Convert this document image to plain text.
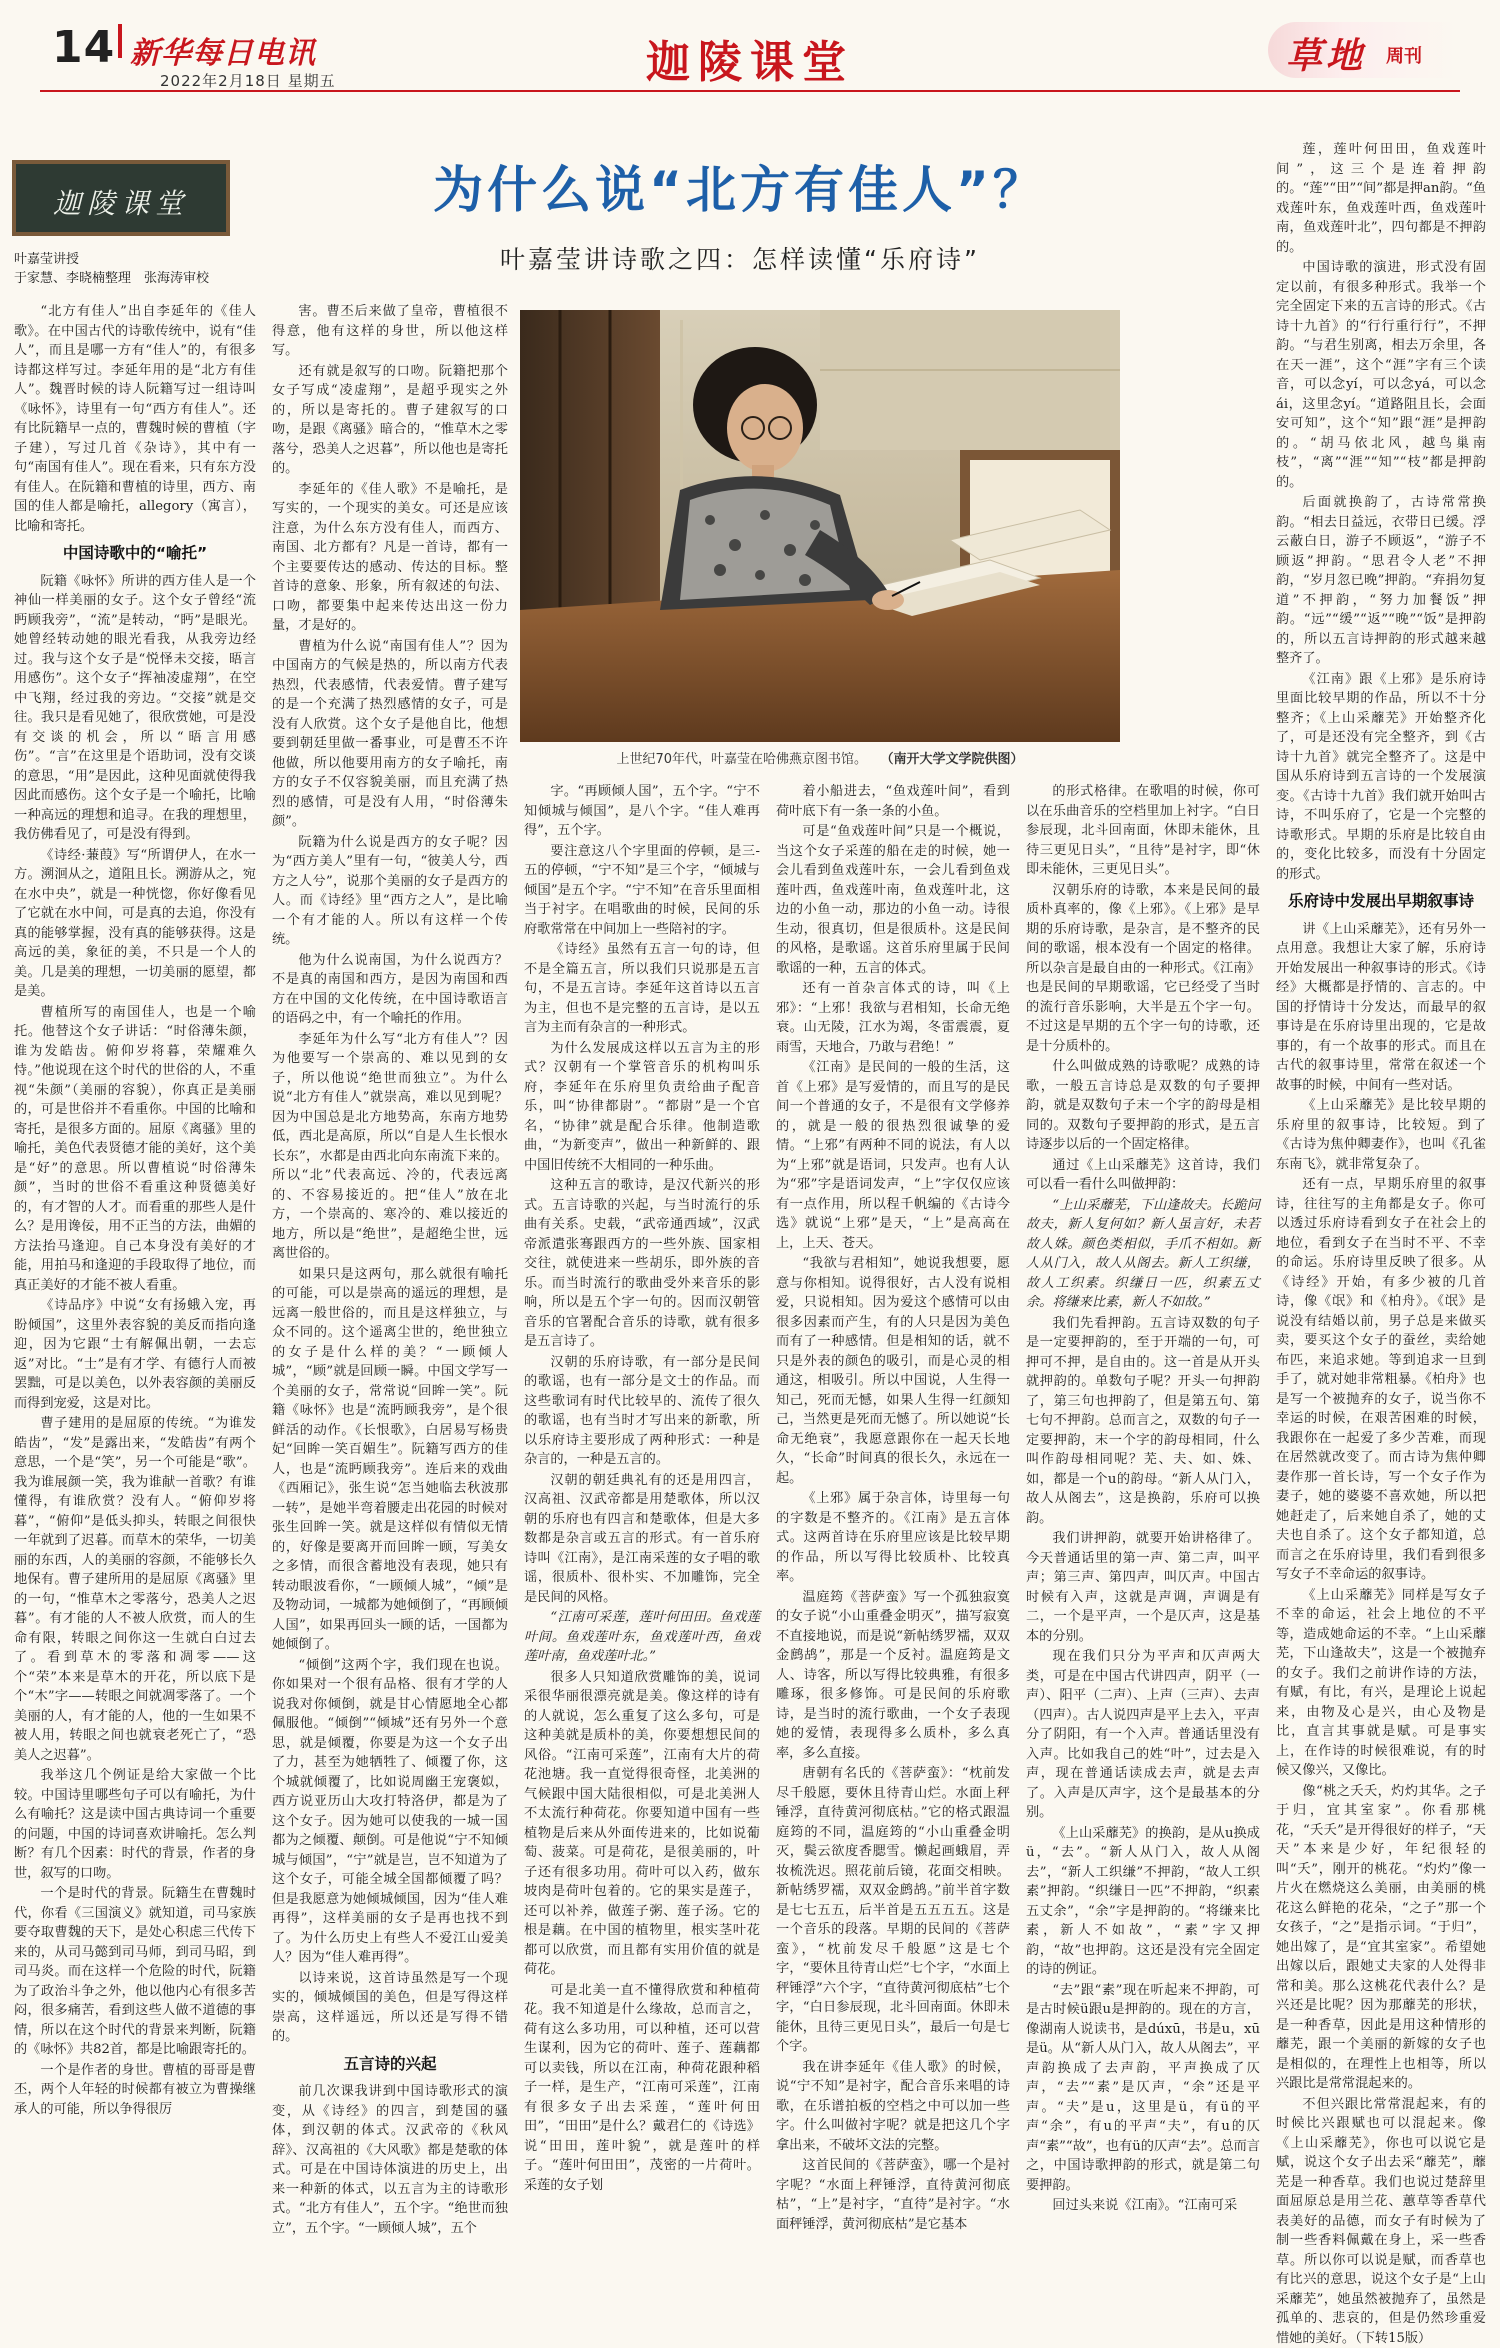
14 新华每日电讯
2022年2月18日 星期五	迦陵课堂	草地 周刊
迦陵课堂
叶嘉莹讲授
于家慧、李晓楠整理　张海涛审校
为什么说“北方有佳人”？
叶嘉莹讲诗歌之四：怎样读懂“乐府诗”
上世纪70年代，叶嘉莹在哈佛燕京图书馆。 （南开大学文学院供图）

“北方有佳人”出自李延年的《佳人歌》。在中国古代的诗歌传统中，说有“佳人”，而且是哪一方有“佳人”的，有很多诗都这样写过。李延年用的是“北方有佳人”。魏晋时候的诗人阮籍写过一组诗叫《咏怀》，诗里有一句“西方有佳人”。还有比阮籍早一点的，曹魏时候的曹植（字子建），写过几首《杂诗》，其中有一句“南国有佳人”。现在看来，只有东方没有佳人。在阮籍和曹植的诗里，西方、南国的佳人都是喻托，allegory（寓言），比喻和寄托。

中国诗歌中的“喻托”

阮籍《咏怀》所讲的西方佳人是一个神仙一样美丽的女子。这个女子曾经“流眄顾我旁”，“流”是转动，“眄”是眼光。她曾经转动她的眼光看我，从我旁边经过。我与这个女子是“悦怿未交接，晤言用感伤”。这个女子“挥袖凌虚翔”，在空中飞翔，经过我的旁边。“交接”就是交往。我只是看见她了，很欣赏她，可是没有交谈的机会，所以“晤言用感伤”。“言”在这里是个语助词，没有交谈的意思，“用”是因此，这种见面就使得我因此而感伤。这个女子是一个喻托，比喻一种高远的理想和追寻。在我的理想里，我仿佛看见了，可是没有得到。

《诗经·蒹葭》写“所谓伊人，在水一方。溯洄从之，道阻且长。溯游从之，宛在水中央”，就是一种恍惚，你好像看见了它就在水中间，可是真的去追，你没有真的能够掌握，没有真的能够获得。这是高远的美，象征的美，不只是一个人的美。几是美的理想，一切美丽的愿望，都是美。

曹植所写的南国佳人，也是一个喻托。他替这个女子讲话：“时俗薄朱颜，谁为发皓齿。俯仰岁将暮，荣耀难久恃。”他说现在这个时代的世俗的人，不重视“朱颜”（美丽的容貌），你真正是美丽的，可是世俗并不看重你。中国的比喻和寄托，是很多方面的。屈原《离骚》里的喻托，美色代表贤德才能的美好，这个美是“好”的意思。所以曹植说“时俗薄朱颜”，当时的世俗不看重这种贤德美好的，有才智的人才。而看重的那些人是什么？是用谗佞，用不正当的方法，曲媚的方法抬马逢迎。自己本身没有美好的才能，用拍马和逢迎的手段取得了地位，而真正美好的才能不被人看重。

《诗品序》中说“女有扬蛾入宠，再盼倾国”，这里外表容貌的美反而指向逢迎，因为它跟“士有解佩出朝，一去忘返”对比。“士”是有才学、有德行人而被罢黜，可是以美色，以外表容颜的美丽反而得到宠爱，这是对比。

曹子建用的是屈原的传统。“为谁发皓齿”，“发”是露出来，“发皓齿”有两个意思，一个是“笑”，另一个可能是“歌”。我为谁展颜一笑，我为谁献一首歌？有谁懂得，有谁欣赏？没有人。“俯仰岁将暮”，“俯仰”是低头抑头，转眼之间很快一年就到了迟暮。而草木的荣华，一切美丽的东西，人的美丽的容颜，不能够长久地保有。曹子建所用的是屈原《离骚》里的一句，“惟草木之零落兮，恐美人之迟暮”。有才能的人不被人欣赏，而人的生命有限，转眼之间你这一生就白白过去了。看到草木的零落和凋零——这个“荣”本来是草木的开花，所以底下是个“木”字——转眼之间就凋零落了。一个美丽的人，有才能的人，他的一生如果不被人用，转眼之间也就衰老死亡了，“恐美人之迟暮”。

我举这几个例证是给大家做一个比较。中国诗里哪些句子可以有喻托，为什么有喻托？这是读中国古典诗词一个重要的问题，中国的诗词喜欢讲喻托。怎么判断？有几个因素：时代的背景，作者的身世，叙写的口吻。

一个是时代的背景。阮籍生在曹魏时代，你看《三国演义》就知道，司马家族要夺取曹魏的天下，是处心积虑三代传下来的，从司马懿到司马师，到司马昭，到司马炎。而在这样一个危险的时代，阮籍为了政治斗争之外，他以他内心有很多苦闷，很多痛苦，看到这些人做不道德的事情，所以在这个时代的背景来判断，阮籍的《咏怀》共82首，都是比喻跟寄托的。

一个是作者的身世。曹植的哥哥是曹丕，两个人年轻的时候都有被立为曹操继承人的可能，所以争得很厉

害。曹丕后来做了皇帝，曹植很不得意，他有这样的身世，所以他这样写。

还有就是叙写的口吻。阮籍把那个女子写成“凌虚翔”，是超乎现实之外的，所以是寄托的。曹子建叙写的口吻，是跟《离骚》暗合的，“惟草木之零落兮，恐美人之迟暮”，所以他也是寄托的。

李延年的《佳人歌》不是喻托，是写实的，一个现实的美女。可还是应该注意，为什么东方没有佳人，而西方、南国、北方都有？凡是一首诗，都有一个主要要传达的感动、传达的目标。整首诗的意象、形象，所有叙述的句法、口吻，都要集中起来传达出这一份力量，才是好的。

曹植为什么说“南国有佳人”？因为中国南方的气候是热的，所以南方代表热烈，代表感情，代表爱情。曹子建写的是一个充满了热烈感情的女子，可是没有人欣赏。这个女子是他自比，他想要到朝廷里做一番事业，可是曹丕不许他做，所以他要用南方的女子喻托，南方的女子不仅容貌美丽，而且充满了热烈的感情，可是没有人用，“时俗薄朱颜”。

阮籍为什么说是西方的女子呢？因为“西方美人”里有一句，“彼美人兮，西方之人兮”，说那个美丽的女子是西方的人。而《诗经》里“西方之人”，是比喻一个有才能的人。所以有这样一个传统。

他为什么说南国，为什么说西方？不是真的南国和西方，是因为南国和西方在中国的文化传统，在中国诗歌语言的语码之中，有一个喻托的作用。

李延年为什么写“北方有佳人”？因为他要写一个崇高的、难以见到的女子，所以他说“绝世而独立”。为什么说“北方有佳人”就崇高，难以见到呢？因为中国总是北方地势高，东南方地势低，西北是高原，所以“自是人生长恨水长东”，水都是由西北向东南流下来的。所以“北”代表高远、冷的，代表远离的、不容易接近的。把“佳人”放在北方，一个崇高的、寒冷的、难以接近的地方，所以是“绝世”，是超绝尘世，远离世俗的。

如果只是这两句，那么就很有喻托的可能，可以是崇高的遥远的理想，是远离一般世俗的，而且是这样独立，与众不同的。这个遥离尘世的，绝世独立的女子是什么样的美？“一顾倾人城”，“顾”就是回顾一瞬。中国文学写一个美丽的女子，常常说“回眸一笑”。阮籍《咏怀》也是“流眄顾我旁”，是个很鲜活的动作。《长恨歌》，白居易写杨贵妃“回眸一笑百媚生”。阮籍写西方的佳人，也是“流眄顾我旁”。连后来的戏曲《西厢记》，张生说“怎当她临去秋波那一转”，是她半弯着腰走出花园的时候对张生回眸一笑。就是这样似有情似无情的，好像是要离开而回眸一顾，写美女之多情，而很含蓄地没有表现，她只有转动眼波看你，“一顾倾人城”，“倾”是及物动词，一城都为她倾倒了，“再顾倾人国”，如果再回头一顾的话，一国都为她倾倒了。

“倾倒”这两个字，我们现在也说。你如果对一个很有品格、很有才学的人说我对你倾倒，就是甘心情愿地全心都佩服他。“倾倒”“倾城”还有另外一个意思，就是倾覆，你要是为这一个女子出了力，甚至为她牺牲了、倾覆了你，这个城就倾覆了，比如说周幽王宠褒姒，西方说亚历山大攻打特洛伊，都是为了这个女子。因为她可以使我的一城一国都为之倾覆、颠倒。可是他说“宁不知倾城与倾国”，“宁”就是岂，岂不知道为了这个女子，可能全城全国都倾覆了吗？但是我愿意为她倾城倾国，因为“佳人难再得”，这样美丽的女子是再也找不到了。为什么历史上有些人不爱江山爱美人？因为“佳人难再得”。

以诗来说，这首诗虽然是写一个现实的，倾城倾国的美色，但是写得这样崇高，这样遥远，所以还是写得不错的。

五言诗的兴起

前几次课我讲到中国诗歌形式的演变，从《诗经》的四言，到楚国的骚体，到汉朝的体式。汉武帝的《秋风辞》、汉高祖的《大风歌》都是楚歌的体式。可是在中国诗体演进的历史上，出来一种新的体式，以五言为主的诗歌形式。“北方有佳人”，五个字。“绝世而独立”，五个字。“一顾倾人城”，五个

字。“再顾倾人国”，五个字。“宁不知倾城与倾国”，是八个字。“佳人难再得”，五个字。

要注意这八个字里面的停顿，是三-五的停顿，“宁不知”是三个字，“倾城与倾国”是五个字。“宁不知”在音乐里面相当于衬字。在唱歌曲的时候，民间的乐府歌常常在中间加上一些陪衬的字。

《诗经》虽然有五言一句的诗，但不是全篇五言，所以我们只说那是五言句，不是五言诗。李延年这首诗以五言为主，但也不是完整的五言诗，是以五言为主而有杂言的一种形式。

为什么发展成这样以五言为主的形式？汉朝有一个掌管音乐的机构叫乐府，李延年在乐府里负责给曲子配音乐，叫“协律都尉”。“都尉”是一个官名，“协律”就是配合乐律。他制造歌曲，“为新变声”，做出一种新鲜的、跟中国旧传统不大相同的一种乐曲。

这种五言的歌诗，是汉代新兴的形式。五言诗歌的兴起，与当时流行的乐曲有关系。史载，“武帝通西域”，汉武帝派遣张骞跟西方的一些外族、国家相交往，就使进来一些胡乐，即外族的音乐。而当时流行的歌曲受外来音乐的影响，所以是五个字一句的。因而汉朝管音乐的官署配合音乐的诗歌，就有很多是五言诗了。

汉朝的乐府诗歌，有一部分是民间的歌谣，也有一部分是文士的作品。而这些歌词有时代比较早的、流传了很久的歌谣，也有当时才写出来的新歌，所以乐府诗主要形成了两种形式：一种是杂言的，一种是五言的。

汉朝的朝廷典礼有的还是用四言，汉高祖、汉武帝都是用楚歌体，所以汉朝的乐府也有四言和楚歌体，但是大多数都是杂言或五言的形式。有一首乐府诗叫《江南》，是江南采莲的女子唱的歌谣，很质朴、很朴实、不加雕饰，完全是民间的风格。

“江南可采莲，莲叶何田田。鱼戏莲叶间。鱼戏莲叶东，鱼戏莲叶西，鱼戏莲叶南，鱼戏莲叶北。”

很多人只知道欣赏雕饰的美，说词采很华丽很漂亮就是美。像这样的诗有的人就说，怎么重复了这么多句，可是这种美就是质朴的美，你要想想民间的风俗。“江南可采莲”，江南有大片的荷花池塘。我一直觉得很奇怪，北美洲的气候跟中国大陆很相似，可是北美洲人不太流行种荷花。你要知道中国有一些植物是后来从外面传进来的，比如说葡萄、菠菜。可是荷花，是很美丽的，叶子还有很多功用。荷叶可以入药，做东坡肉是荷叶包着的。它的果实是莲子，还可以补养，做莲子粥、莲子汤。它的根是藕。在中国的植物里，根实茎叶花都可以欣赏，而且都有实用价值的就是荷花。

可是北美一直不懂得欣赏和种植荷花。我不知道是什么缘故，总而言之，荷有这么多功用，可以种植，还可以营生谋利，因为它的荷叶、莲子、莲藕都可以卖钱，所以在江南，种荷花跟种稻子一样，是生产，“江南可采莲”，江南有很多女子出去采莲，“莲叶何田田”，“田田”是什么？戴君仁的《诗选》说“田田，莲叶貌”，就是莲叶的样子。“莲叶何田田”，茂密的一片荷叶。采莲的女子划

着小船进去，“鱼戏莲叶间”，看到荷叶底下有一条一条的小鱼。

可是“鱼戏莲叶间”只是一个概说，当这个女子采莲的船在走的时候，她一会儿看到鱼戏莲叶东，一会儿看到鱼戏莲叶西，鱼戏莲叶南，鱼戏莲叶北，这边的小鱼一动，那边的小鱼一动。诗很生动，很真切，但是很质朴。这是民间的风格，是歌谣。这首乐府里属于民间歌谣的一种，五言的体式。

还有一首杂言体式的诗，叫《上邪》：“上邪！我欲与君相知，长命无绝衰。山无陵，江水为竭，冬雷震震，夏雨雪，天地合，乃敢与君绝！”

《江南》是民间的一般的生活，这首《上邪》是写爱情的，而且写的是民间一个普通的女子，不是很有文学修养的，就是一般的很热烈很诚挚的爱情。“上邪”有两种不同的说法，有人以为“上邪”就是语词，只发声。也有人认为“邪”字是语词发声，“上”字仅仅应该有一点作用，所以程千帆编的《古诗今选》就说“上邪”是天，“上”是高高在上，上天、苍天。

“我欲与君相知”，她说我想要，愿意与你相知。说得很好，古人没有说相爱，只说相知。因为爱这个感情可以由很多因素而产生，有的人只是因为美色而有了一种感情。但是相知的话，就不只是外表的颜色的吸引，而是心灵的相通这，相吸引。所以中国说，人生得一知己，死而无憾，如果人生得一红颜知己，当然更是死而无憾了。所以她说“长命无绝衰”，我愿意跟你在一起天长地久，“长命”时间真的很长久，永远在一起。

《上邪》属于杂言体，诗里每一句的字数是不整齐的。《江南》是五言体式。这两首诗在乐府里应该是比较早期的作品，所以写得比较质朴、比较真率。

温庭筠《菩萨蛮》写一个孤独寂寞的女子说“小山重叠金明灭”，描写寂寞不直接地说，而是说“新帖绣罗襦，双双金鹧鸪”，那是一个反衬。温庭筠是文人、诗客，所以写得比较典雅，有很多雕琢，很多修饰。可是民间的乐府歌诗，是当时的流行歌曲，一个女子表现她的爱情，表现得多么质朴，多么真率，多么直接。

唐朝有名氏的《菩萨蛮》：“枕前发尽千般愿，要休且待青山烂。水面上秤锤浮，直待黄河彻底枯。”它的格式跟温庭筠的不同，温庭筠的“小山重叠金明灭，鬓云欲度香腮雪。懒起画蛾眉，弄妆梳洗迟。照花前后镜，花面交相映。新帖绣罗襦，双双金鹧鸪。”前半首字数是七七五五，后半首是五五五五。这是一个音乐的段落。早期的民间的《菩萨蛮》，“枕前发尽千般愿”这是七个字，“要休且待青山烂”七个字，“水面上秤锤浮”六个字，“直待黄河彻底枯”七个字，“白日参辰现，北斗回南面。休即未能休，且待三更见日头”，最后一句是七个字。

我在讲李延年《佳人歌》的时候，说“宁不知”是衬字，配合音乐来唱的诗歌，在乐谱拍板的空档之中可以加一些字。什么叫做衬字呢？就是把这几个字拿出来，不破坏文法的完整。

这首民间的《菩萨蛮》，哪一个是衬字呢？“水面上秤锤浮，直待黄河彻底枯”，“上”是衬字，“直待”是衬字。“水面秤锤浮，黄河彻底枯”是它基本

的形式格律。在歌唱的时候，你可以在乐曲音乐的空档里加上衬字。“白日参辰现，北斗回南面，休即未能休，且待三更见日头”，“且待”是衬字，即“休即未能休，三更见日头”。

汉朝乐府的诗歌，本来是民间的最质朴真率的，像《上邪》。《上邪》是早期的乐府诗歌，是杂言，是不整齐的民间的歌谣，根本没有一个固定的格律。所以杂言是最自由的一种形式。《江南》也是民间的早期歌谣，它已经受了当时的流行音乐影响，大半是五个字一句。不过这是早期的五个字一句的诗歌，还是十分质朴的。

什么叫做成熟的诗歌呢？成熟的诗歌，一般五言诗总是双数的句子要押韵，就是双数句子末一个字的韵母是相同的。双数句子要押韵的形式，是五言诗逐步以后的一个固定格律。

通过《上山采蘼芜》这首诗，我们可以看一看什么叫做押韵：

“上山采蘼芜，下山逢故夫。长跪问故夫，新人复何如？新人虽言好，未若故人姝。颜色类相似，手爪不相如。新人从门入，故人从阁去。新人工织缣，故人工织素。织缣日一匹，织素五丈余。将缣来比素，新人不如故。”

我们先看押韵。五言诗双数的句子是一定要押韵的，至于开端的一句，可押可不押，是自由的。这一首是从开头就押韵的。单数句子呢？开头一句押韵了，第三句也押韵了，但是第五句、第七句不押韵。总而言之，双数的句子一定要押韵，末一个字的韵母相同，什么叫作韵母相同呢？芜、夫、如、姝、如，都是一个u的韵母。“新人从门入，故人从阁去”，这是换韵，乐府可以换韵。

我们讲押韵，就要开始讲格律了。今天普通话里的第一声、第二声，叫平声；第三声、第四声，叫仄声。中国古时候有入声，这就是声调，声调是有二，一个是平声，一个是仄声，这是基本的分别。

现在我们只分为平声和仄声两大类，可是在中国古代讲四声，阴平（一声）、阳平（二声）、上声（三声）、去声（四声）。古人说四声是平上去入，平声分了阴阳，有一个入声。普通话里没有入声。比如我自己的姓“叶”，过去是入声，现在普通话读成去声，就是去声了。入声是仄声字，这个是最基本的分别。

《上山采蘼芜》的换韵，是从u换成ü，“去”。“新人从门入，故人从阁去”，“新人工织缣”不押韵，“故人工织素”押韵。“织缣日一匹”不押韵，“织素五丈余”，“余”字是押韵的。“将缣来比素，新人不如故”，“素”字又押韵，“故”也押韵。这还是没有完全固定的诗的例证。

“去”跟“素”现在听起来不押韵，可是古时候ü跟u是押韵的。现在的方言，像湖南人说读书，是dúxū，书是u，xū是ü。从“新人从门入，故人从阁去”，平声韵换成了去声韵，平声换成了仄声，“去”“素”是仄声，“余”还是平声。“夫”是u，这里是ü，有ü的平声“余”，有u的平声“夫”，有u的仄声“素”“故”，也有ü的仄声“去”。总而言之，中国诗歌押韵的形式，就是第二句要押韵。

回过头来说《江南》。“江南可采

莲，莲叶何田田，鱼戏莲叶间”，这三个是连着押韵的。“莲”“田”“间”都是押an韵。“鱼戏莲叶东，鱼戏莲叶西，鱼戏莲叶南，鱼戏莲叶北”，四句都是不押韵的。

中国诗歌的演进，形式没有固定以前，有很多种形式。我举一个完全固定下来的五言诗的形式。《古诗十九首》的“行行重行行”，不押韵。“与君生别离，相去万余里，各在天一涯”，这个“涯”字有三个读音，可以念yí，可以念yá，可以念ái，这里念yí。“道路阻且长，会面安可知”，这个“知”跟“涯”是押韵的。“胡马依北风，越鸟巢南枝”，“离”“涯”“知”“枝”都是押韵的。

后面就换韵了，古诗常常换韵。“相去日益远，衣带日已缓。浮云蔽白日，游子不顾返”，“游子不顾返”押韵。“思君令人老”不押韵，“岁月忽已晚”押韵。“弃捐勿复道”不押韵，“努力加餐饭”押韵。“远”“缓”“返”“晚”“饭”是押韵的，所以五言诗押韵的形式越来越整齐了。

《江南》跟《上邪》是乐府诗里面比较早期的作品，所以不十分整齐；《上山采蘼芜》开始整齐化了，可是还没有完全整齐，到《古诗十九首》就完全整齐了。这是中国从乐府诗到五言诗的一个发展演变。《古诗十九首》我们就开始叫古诗，不叫乐府了，它是一个完整的诗歌形式。早期的乐府是比较自由的，变化比较多，而没有十分固定的形式。

乐府诗中发展出早期叙事诗

讲《上山采蘼芜》，还有另外一点用意。我想让大家了解，乐府诗开始发展出一种叙事诗的形式。《诗经》大概都是抒情的、言志的。中国的抒情诗十分发达，而最早的叙事诗是在乐府诗里出现的，它是故事的，有一个故事的形式。而且在古代的叙事诗里，常常在叙述一个故事的时候，中间有一些对话。

《上山采蘼芜》是比较早期的乐府里的叙事诗，比较短。到了《古诗为焦仲卿妻作》，也叫《孔雀东南飞》，就非常复杂了。

还有一点，早期乐府里的叙事诗，往往写的主角都是女子。你可以透过乐府诗看到女子在社会上的地位，看到女子在当时不平、不幸的命运。乐府诗里反映了很多。从《诗经》开始，有多少被的几首诗，像《氓》和《柏舟》。《氓》是说没有结婚以前，男子总是来做买卖，要买这个女子的蚕丝，卖给她布匹，来追求她。等到追求一旦到手了，就对她非常粗暴。《柏舟》也是写一个被抛弃的女子，说当你不幸运的时候，在艰苦困难的时候，我跟你在一起爱了多少苦难，而现在居然就改变了。而古诗为焦仲卿妻作那一首长诗，写一个女子作为妻子，她的婆婆不喜欢她，所以把她赶走了，后来她自杀了，她的丈夫也自杀了。这个女子都知道，总而言之在乐府诗里，我们看到很多写女子不幸命运的叙事诗。

《上山采蘼芜》同样是写女子不幸的命运，社会上地位的不平等，造成她命运的不幸。“上山采蘼芜，下山逢故夫”，这是一个被抛弃的女子。我们之前讲作诗的方法，有赋，有比，有兴，是理论上说起来，由物及心是兴，由心及物是比，直言其事就是赋。可是事实上，在作诗的时候很难说，有的时候又像兴，又像比。

像“桃之夭夭，灼灼其华。之子于归，宜其室家”。你看那桃花，“夭夭”是开得很好的样子，“天天”本来是少好，年纪很轻的叫“夭”，刚开的桃花。“灼灼”像一片火在燃烧这么美丽，由美丽的桃花这么鲜艳的花朵，“之子”那一个女孩子，“之”是指示词。“于归”，她出嫁了，是“宜其室家”。希望她出嫁以后，跟她丈夫家的人处得非常和美。那么这桃花代表什么？是兴还是比呢？因为那蘼芜的形状，是一种香草，因此是用这种情形的蘼芜，跟一个美丽的新嫁的女子也是相似的，在理性上也相等，所以兴跟比是常常混起来的。

不但兴跟比常常混起来，有的时候比兴跟赋也可以混起来。像《上山采蘼芜》，你也可以说它是赋，说这个女子出去采“蘼芜”，蘼芜是一种香草。我们也说过楚辞里面屈原总是用兰花、蕙草等香草代表美好的品德，而女子有时候为了制一些香料佩戴在身上，采一些香草。所以你可以说是赋，而香草也有比兴的意思，说这个女子是“上山采蘼芜”，她虽然被抛弃了，虽然是孤单的、悲哀的，但是仍然珍重爱惜她的美好。（下转15版）
